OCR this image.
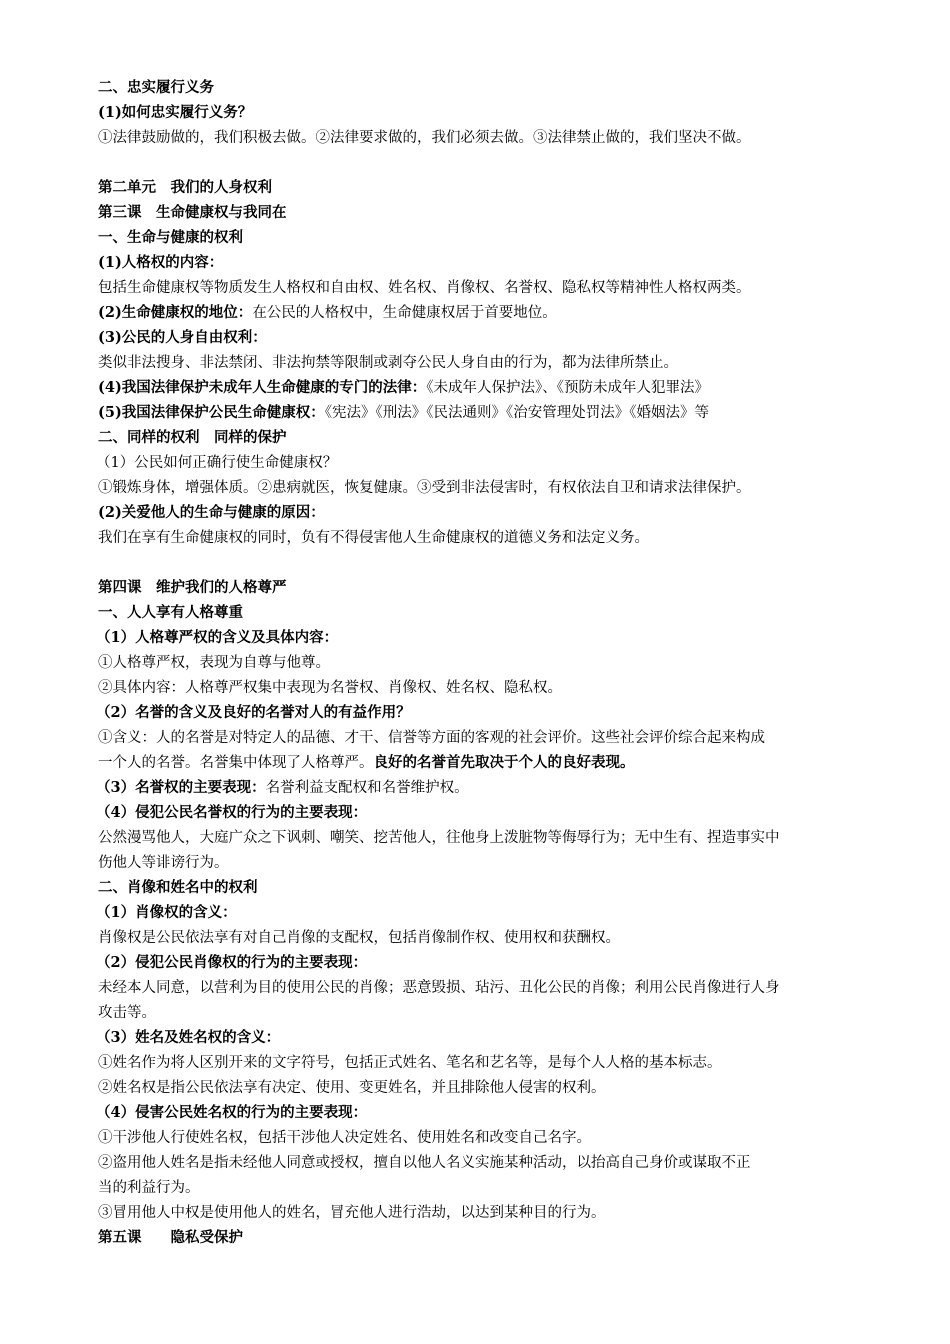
二、忠实履行义务
(1)如何忠实履行义务？
①法律鼓励做的，我们积极去做。②法律要求做的，我们必须去做。③法律禁止做的，我们坚决不做。
第二单元　我们的人身权利
第三课　生命健康权与我同在
一、生命与健康的权利
(1)人格权的内容：
包括生命健康权等物质发生人格权和自由权、姓名权、肖像权、名誉权、隐私权等精神性人格权两类。
(2)生命健康权的地位：在公民的人格权中，生命健康权居于首要地位。
(3)公民的人身自由权利：
类似非法搜身、非法禁闭、非法拘禁等限制或剥夺公民人身自由的行为，都为法律所禁止。
(4)我国法律保护未成年人生命健康的专门的法律：《未成年人保护法》、《预防未成年人犯罪法》
(5)我国法律保护公民生命健康权：《宪法》《刑法》《民法通则》《治安管理处罚法》《婚姻法》等
二、同样的权利　同样的保护
（1）公民如何正确行使生命健康权？
①锻炼身体，增强体质。②患病就医，恢复健康。③受到非法侵害时，有权依法自卫和请求法律保护。
(2)关爱他人的生命与健康的原因：
我们在享有生命健康权的同时，负有不得侵害他人生命健康权的道德义务和法定义务。
第四课　维护我们的人格尊严
一、人人享有人格尊重
（1）人格尊严权的含义及具体内容：
①人格尊严权，表现为自尊与他尊。
②具体内容：人格尊严权集中表现为名誉权、肖像权、姓名权、隐私权。
（2）名誉的含义及良好的名誉对人的有益作用？
①含义：人的名誉是对特定人的品德、才干、信誉等方面的客观的社会评价。这些社会评价综合起来构成
一个人的名誉。名誉集中体现了人格尊严。良好的名誉首先取决于个人的良好表现。
（3）名誉权的主要表现：名誉利益支配权和名誉维护权。
（4）侵犯公民名誉权的行为的主要表现：
公然漫骂他人，大庭广众之下讽刺、嘲笑、挖苦他人，往他身上泼脏物等侮辱行为；无中生有、捏造事实中
伤他人等诽谤行为。
二、肖像和姓名中的权利
（1）肖像权的含义：
肖像权是公民依法享有对自己肖像的支配权，包括肖像制作权、使用权和获酬权。
（2）侵犯公民肖像权的行为的主要表现：
未经本人同意，以营利为目的使用公民的肖像；恶意毁损、玷污、丑化公民的肖像；利用公民肖像进行人身
攻击等。
（3）姓名及姓名权的含义：
①姓名作为将人区别开来的文字符号，包括正式姓名、笔名和艺名等，是每个人人格的基本标志。
②姓名权是指公民依法享有决定、使用、变更姓名，并且排除他人侵害的权利。
（4）侵害公民姓名权的行为的主要表现：
①干涉他人行使姓名权，包括干涉他人决定姓名、使用姓名和改变自己名字。
②盗用他人姓名是指未经他人同意或授权，擅自以他人名义实施某种活动，以抬高自己身价或谋取不正
当的利益行为。
③冒用他人中权是使用他人的姓名，冒充他人进行浩劫，以达到某种目的行为。
第五课　　隐私受保护
